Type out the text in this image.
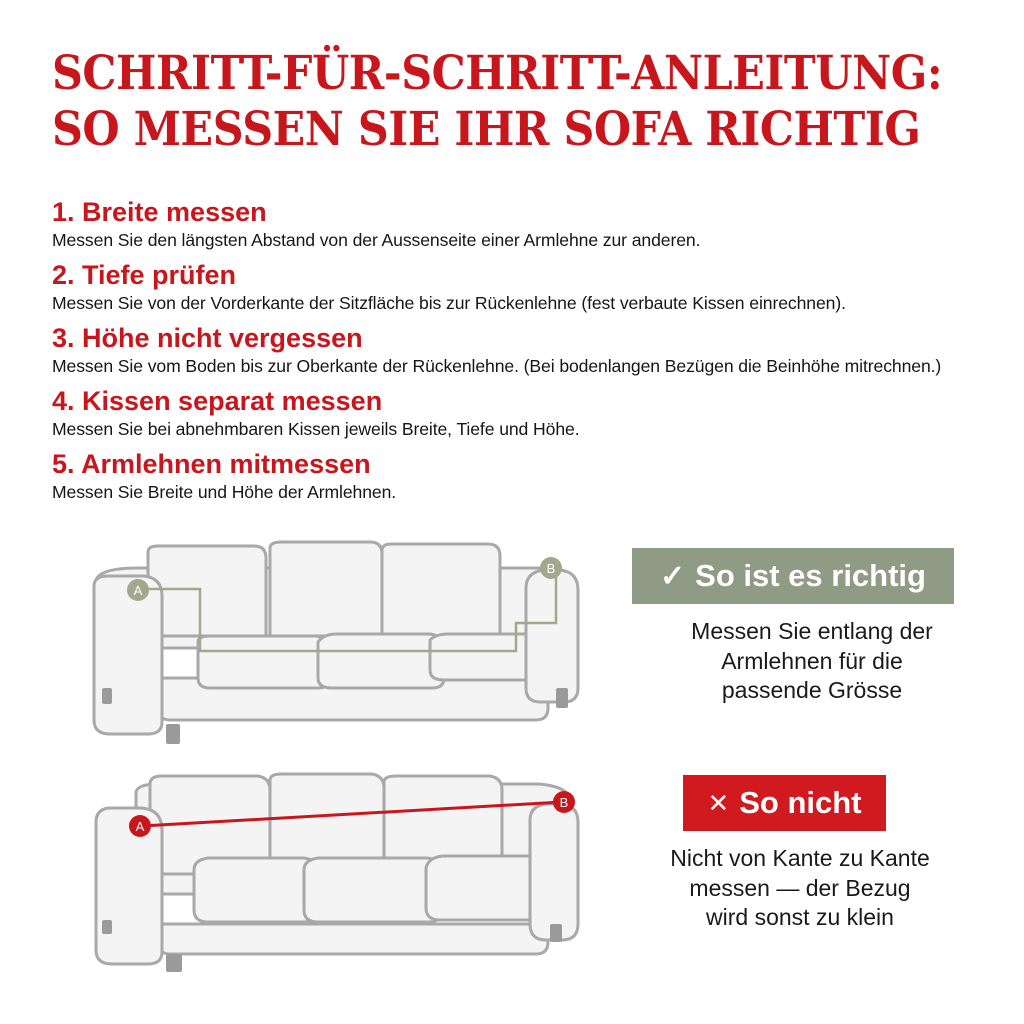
SCHRITT-FÜR-SCHRITT-ANLEITUNG:
SO MESSEN SIE IHR SOFA RICHTIG
1. Breite messen

Messen Sie den längsten Abstand von der Aussenseite einer Armlehne zur anderen.

2. Tiefe prüfen

Messen Sie von der Vorderkante der Sitzfläche bis zur Rückenlehne (fest verbaute Kissen einrechnen).

3. Höhe nicht vergessen

Messen Sie vom Boden bis zur Oberkante der Rückenlehne. (Bei bodenlangen Bezügen die Beinhöhe mitrechnen.)

4. Kissen separat messen

Messen Sie bei abnehmbaren Kissen jeweils Breite, Tiefe und Höhe.

5. Armlehnen mitmessen

Messen Sie Breite und Höhe der Armlehnen.

A
B
A
B
✓ So ist es richtig
Messen Sie entlang der
Armlehnen für die
passende Grösse
✕ So nicht
Nicht von Kante zu Kante
messen — der Bezug
wird sonst zu klein
